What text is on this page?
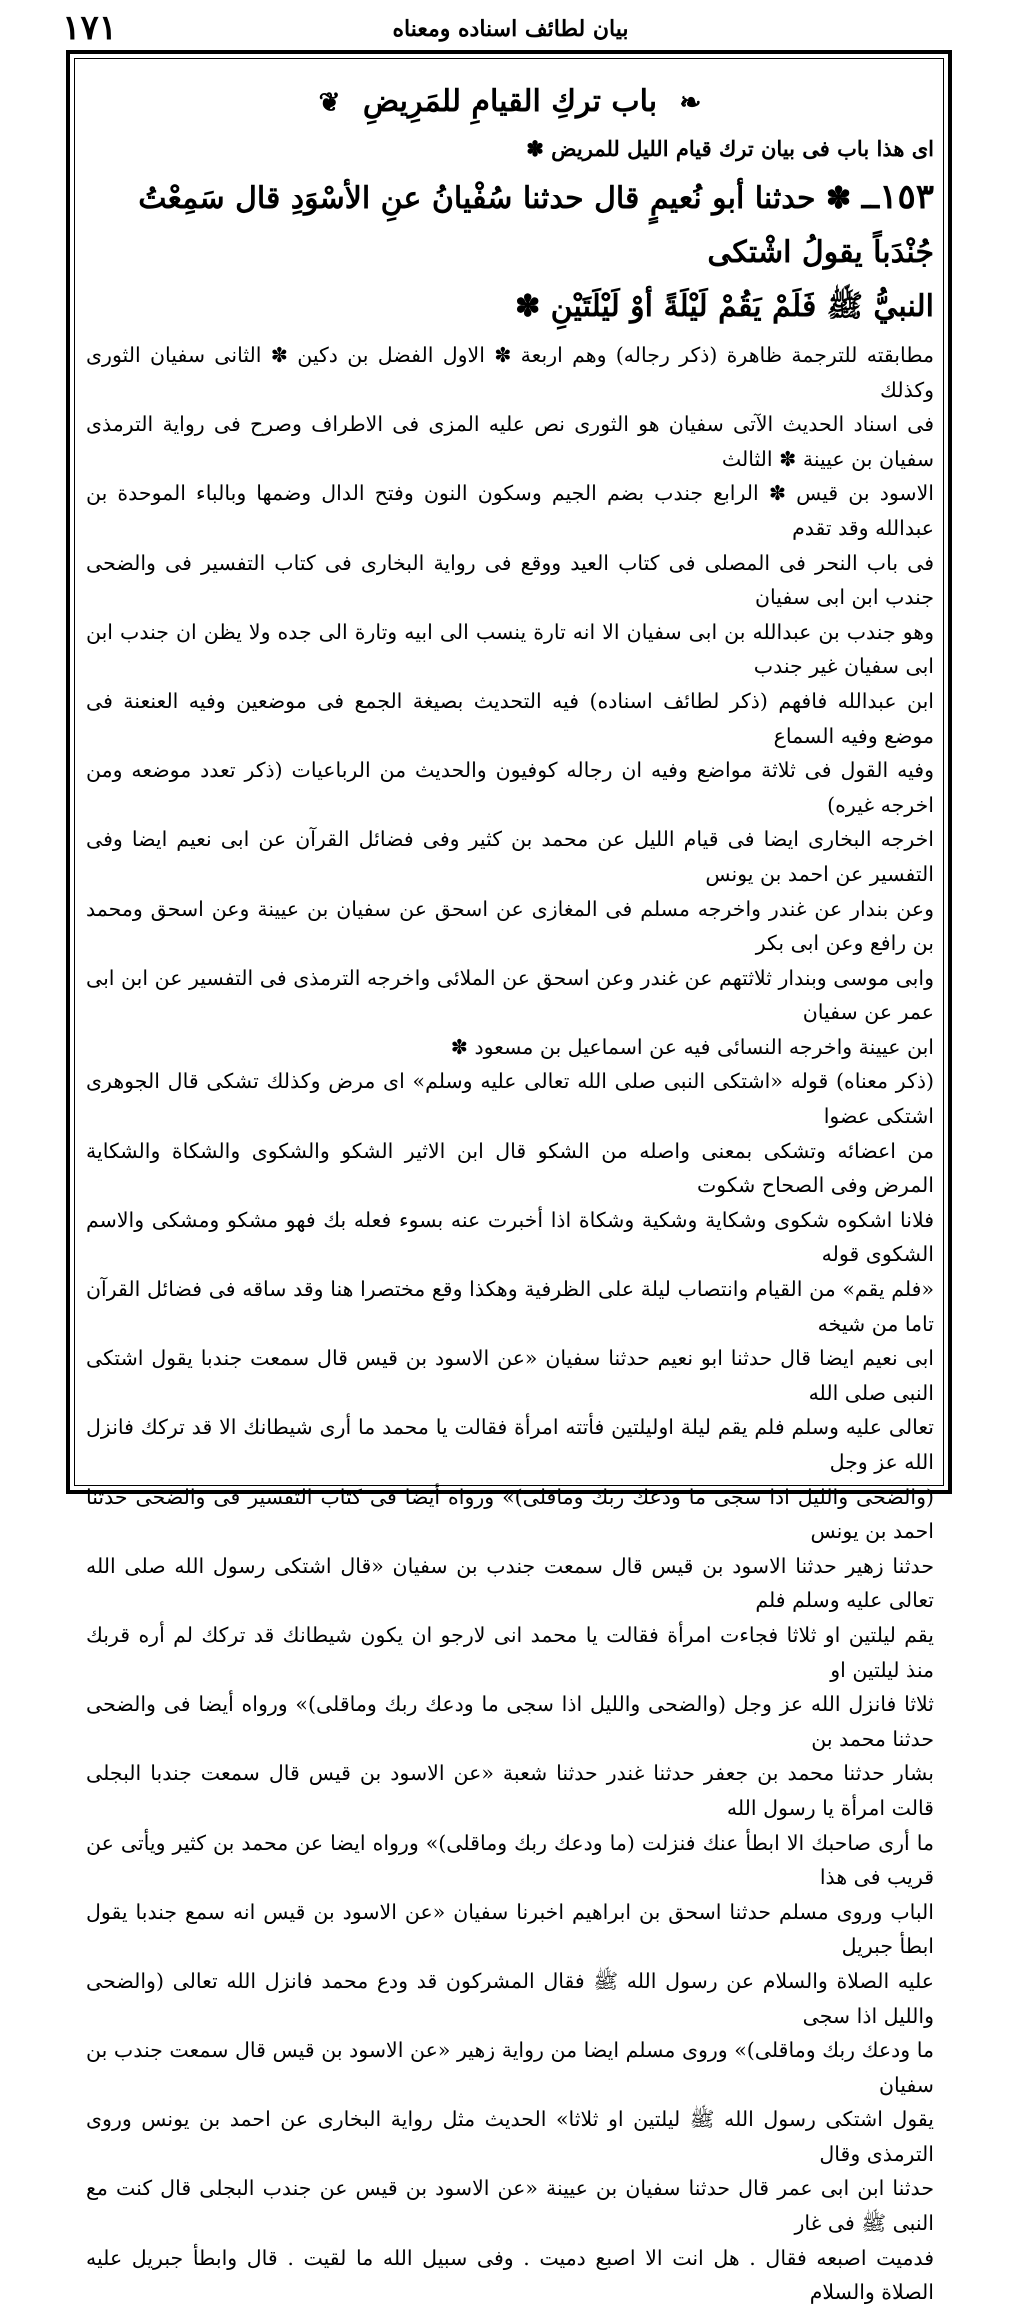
بيان لطائف اسناده ومعناه
١٧١
❧ باب تركِ القيامِ للمَرِيضِ ❦
اى هذا باب فى بيان ترك قيام الليل للمريض ✽
١٥٣ــ ✽ حدثنا أبو نُعيمٍ قال حدثنا سُفْيانُ عنِ الأسْوَدِ قال سَمِعْتُ جُنْدَباً يقولُ اشْتكى
النبيُّ ﷺ فَلَمْ يَقُمْ لَيْلَةً أوْ لَيْلَتَيْنِ ✽

مطابقته للترجمة ظاهرة (ذكر رجاله) وهم اربعة ✽ الاول الفضل بن دكين ✽ الثانى سفيان الثورى وكذلك

فى اسناد الحديث الآتى سفيان هو الثورى نص عليه المزى فى الاطراف وصرح فى رواية الترمذى سفيان بن عيينة ✽ الثالث

الاسود بن قيس ✽ الرابع جندب بضم الجيم وسكون النون وفتح الدال وضمها وبالباء الموحدة بن عبدالله وقد تقدم

فى باب النحر فى المصلى فى كتاب العيد ووقع فى رواية البخارى فى كتاب التفسير فى والضحى جندب ابن ابى سفيان

وهو جندب بن عبدالله بن ابى سفيان الا انه تارة ينسب الى ابيه وتارة الى جده ولا يظن ان جندب ابن ابى سفيان غير جندب

ابن عبدالله فافهم (ذكر لطائف اسناده) فيه التحديث بصيغة الجمع فى موضعين وفيه العنعنة فى موضع وفيه السماع

وفيه القول فى ثلاثة مواضع وفيه ان رجاله كوفيون والحديث من الرباعيات (ذكر تعدد موضعه ومن اخرجه غيره)

اخرجه البخارى ايضا فى قيام الليل عن محمد بن كثير وفى فضائل القرآن عن ابى نعيم ايضا وفى التفسير عن احمد بن يونس

وعن بندار عن غندر واخرجه مسلم فى المغازى عن اسحق عن سفيان بن عيينة وعن اسحق ومحمد بن رافع وعن ابى بكر

وابى موسى وبندار ثلاثتهم عن غندر وعن اسحق عن الملائى واخرجه الترمذى فى التفسير عن ابن ابى عمر عن سفيان

ابن عيينة واخرجه النسائى فيه عن اسماعيل بن مسعود ✽

(ذكر معناه) قوله «اشتكى النبى صلى الله تعالى عليه وسلم» اى مرض وكذلك تشكى قال الجوهرى اشتكى عضوا

من اعضائه وتشكى بمعنى واصله من الشكو قال ابن الاثير الشكو والشكوى والشكاة والشكاية المرض وفى الصحاح شكوت

فلانا اشكوه شكوى وشكاية وشكية وشكاة اذا أخبرت عنه بسوء فعله بك فهو مشكو ومشكى والاسم الشكوى قوله

«فلم يقم» من القيام وانتصاب ليلة على الظرفية وهكذا وقع مختصرا هنا وقد ساقه فى فضائل القرآن تاما من شيخه

ابى نعيم ايضا قال حدثنا ابو نعيم حدثنا سفيان «عن الاسود بن قيس قال سمعت جندبا يقول اشتكى النبى صلى الله

تعالى عليه وسلم فلم يقم ليلة اوليلتين فأتته امرأة فقالت يا محمد ما أرى شيطانك الا قد تركك فانزل الله عز وجل

(والضحى والليل اذا سجى ما ودعك ربك وماقلى)» ورواه أيضا فى كتاب التفسير فى والضحى حدثنا احمد بن يونس

حدثنا زهير حدثنا الاسود بن قيس قال سمعت جندب بن سفيان «قال اشتكى رسول الله صلى الله تعالى عليه وسلم فلم

يقم ليلتين او ثلاثا فجاءت امرأة فقالت يا محمد انى لارجو ان يكون شيطانك قد تركك لم أره قربك منذ ليلتين او

ثلاثا فانزل الله عز وجل (والضحى والليل اذا سجى ما ودعك ربك وماقلى)» ورواه أيضا فى والضحى حدثنا محمد بن

بشار حدثنا محمد بن جعفر حدثنا غندر حدثنا شعبة «عن الاسود بن قيس قال سمعت جندبا البجلى قالت امرأة يا رسول الله

ما أرى صاحبك الا ابطأ عنك فنزلت (ما ودعك ربك وماقلى)» ورواه ايضا عن محمد بن كثير ويأتى عن قريب فى هذا

الباب وروى مسلم حدثنا اسحق بن ابراهيم اخبرنا سفيان «عن الاسود بن قيس انه سمع جندبا يقول ابطأ جبريل

عليه الصلاة والسلام عن رسول الله ﷺ فقال المشركون قد ودع محمد فانزل الله تعالى (والضحى والليل اذا سجى

ما ودعك ربك وماقلى)» وروى مسلم ايضا من رواية زهير «عن الاسود بن قيس قال سمعت جندب بن سفيان

يقول اشتكى رسول الله ﷺ ليلتين او ثلاثا» الحديث مثل رواية البخارى عن احمد بن يونس وروى الترمذى وقال

حدثنا ابن ابى عمر قال حدثنا سفيان بن عيينة «عن الاسود بن قيس عن جندب البجلى قال كنت مع النبى ﷺ فى غار

فدميت اصبعه فقال . هل انت الا اصبع دميت . وفى سبيل الله ما لقيت . قال وابطأ جبريل عليه الصلاة والسلام
